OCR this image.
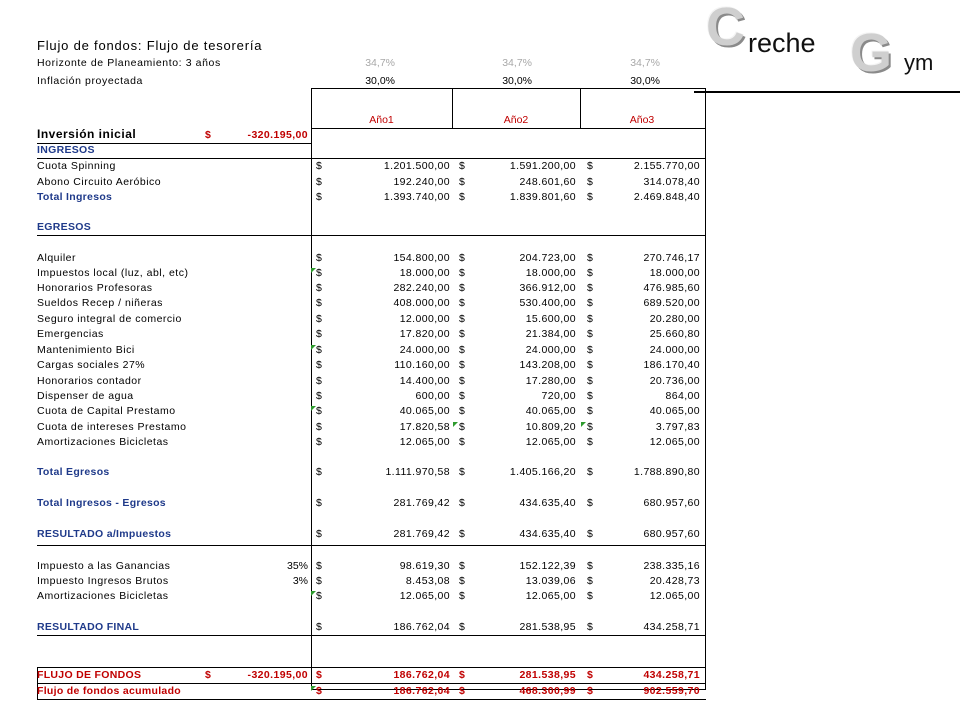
C reche G ym
Flujo de fondos: Flujo de tesorería
Horizonte de Planeamiento: 3 años	34,7%	34,7%	34,7%
Inflación proyectada	30,0%	30,0%	30,0%
Año1	Año2	Año3
Inversión inicial	$	-320.195,00
INGRESOS
EGRESOS
Cuota Spinning	$	1.201.500,00 $	1.591.200,00 $	2.155.770,00
Abono Circuito Aeróbico	$	192.240,00 $	248.601,60 $	314.078,40
Total Ingresos	$	1.393.740,00 $	1.839.801,60 $	2.469.848,40
Alquiler	$	154.800,00 $	204.723,00 $	270.746,17
Impuestos local (luz, abl, etc)	$	18.000,00 $	18.000,00 $	18.000,00
Honorarios Profesoras	$	282.240,00 $	366.912,00 $	476.985,60
Sueldos Recep / niñeras	$	408.000,00 $	530.400,00 $	689.520,00
Seguro integral de comercio	$	12.000,00 $	15.600,00 $	20.280,00
Emergencias	$	17.820,00 $	21.384,00 $	25.660,80
Mantenimiento Bici	$	24.000,00 $	24.000,00 $	24.000,00
Cargas sociales 27%	$	110.160,00 $	143.208,00 $	186.170,40
Honorarios contador	$	14.400,00 $	17.280,00 $	20.736,00
Dispenser de agua	$	600,00 $	720,00 $	864,00
Cuota de Capital Prestamo	$	40.065,00 $	40.065,00 $	40.065,00
Cuota de intereses Prestamo	$	17.820,58 $	10.809,20 $	3.797,83
Amortizaciones Bicicletas	$	12.065,00 $	12.065,00 $	12.065,00
Total Egresos	$	1.111.970,58 $	1.405.166,20 $	1.788.890,80
Total Ingresos - Egresos	$	281.769,42 $	434.635,40 $	680.957,60
RESULTADO a/Impuestos	$	281.769,42 $	434.635,40 $	680.957,60
Impuesto a las Ganancias	35% $	98.619,30 $	152.122,39 $	238.335,16
Impuesto Ingresos Brutos	3% $	8.453,08 $	13.039,06 $	20.428,73
Amortizaciones Bicicletas	$	12.065,00 $	12.065,00 $	12.065,00
RESULTADO FINAL	$	186.762,04 $	281.538,95 $	434.258,71
FLUJO DE FONDOS	$	-320.195,00 $	186.762,04 $	281.538,95 $	434.258,71
Flujo de fondos acumulado	$	186.762,04 $	468.300,99 $	902.559,70
